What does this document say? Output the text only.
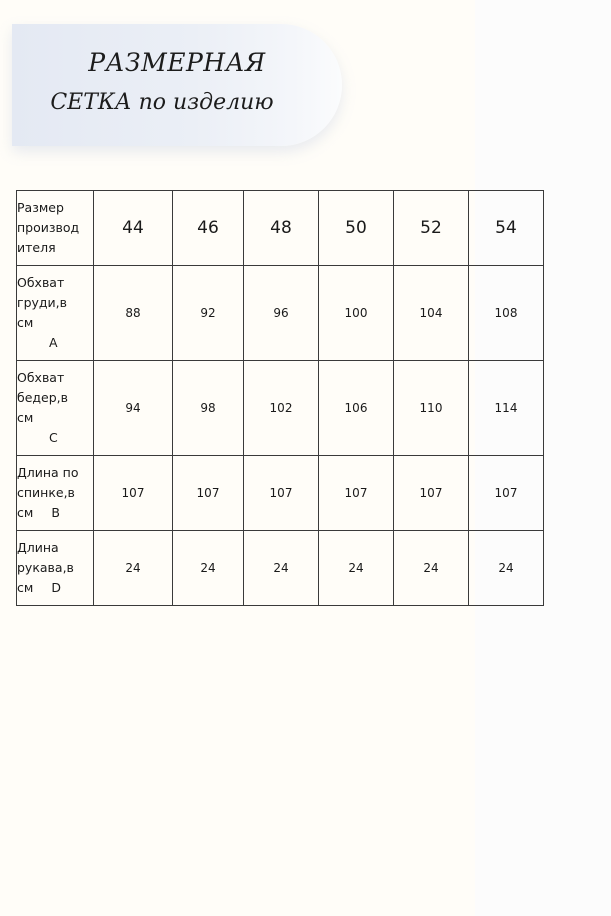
РАЗМЕРНАЯ
СЕТКА по изделию
Размер
производ
ителя	44	46	48	50	52	54
Обхват
груди,в
см
A	88	92	96	100	104	108
Обхват
бедер,в
см
C	94	98	102	106	110	114
Длина по
спинке,в
см B	107	107	107	107	107	107
Длина
рукава,в
см D	24	24	24	24	24	24
